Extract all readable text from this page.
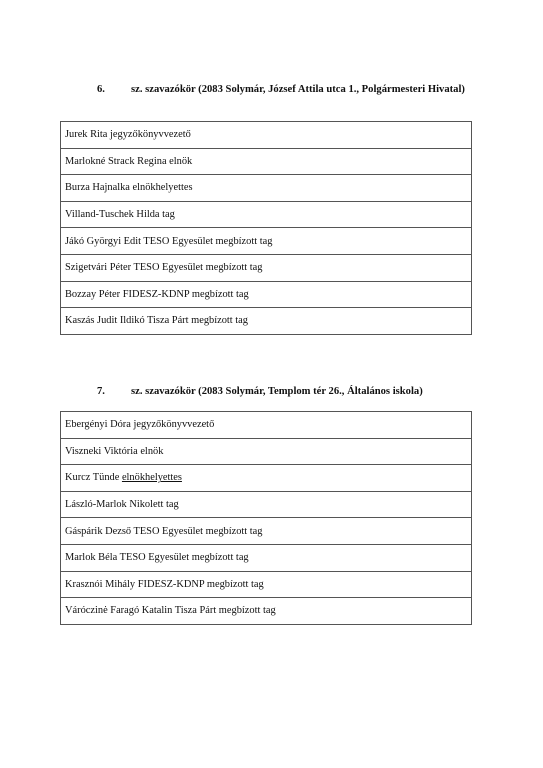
6. sz. szavazókör (2083 Solymár, József Attila utca 1., Polgármesteri Hivatal)
Jurek Rita jegyzőkönyvvezető
Marlokné Strack Regina elnök
Burza Hajnalka elnökhelyettes
Villand-Tuschek Hilda tag
Jákó Györgyi Edit TESO Egyesület megbízott tag
Szigetvári Péter TESO Egyesület megbízott tag
Bozzay Péter FIDESZ-KDNP megbízott tag
Kaszás Judit Ildikó Tisza Párt megbízott tag
7. sz. szavazókör (2083 Solymár, Templom tér 26., Általános iskola)
Ebergényi Dóra jegyzőkönyvvezető
Viszneki Viktória elnök
Kurcz Tünde elnökhelyettes
László-Marlok Nikolett tag
Gáspárik Dezső TESO Egyesület megbízott tag
Marlok Béla TESO Egyesület megbízott tag
Krasznói Mihály FIDESZ-KDNP megbízott tag
Váróczinė Faragó Katalin Tisza Párt megbízott tag
